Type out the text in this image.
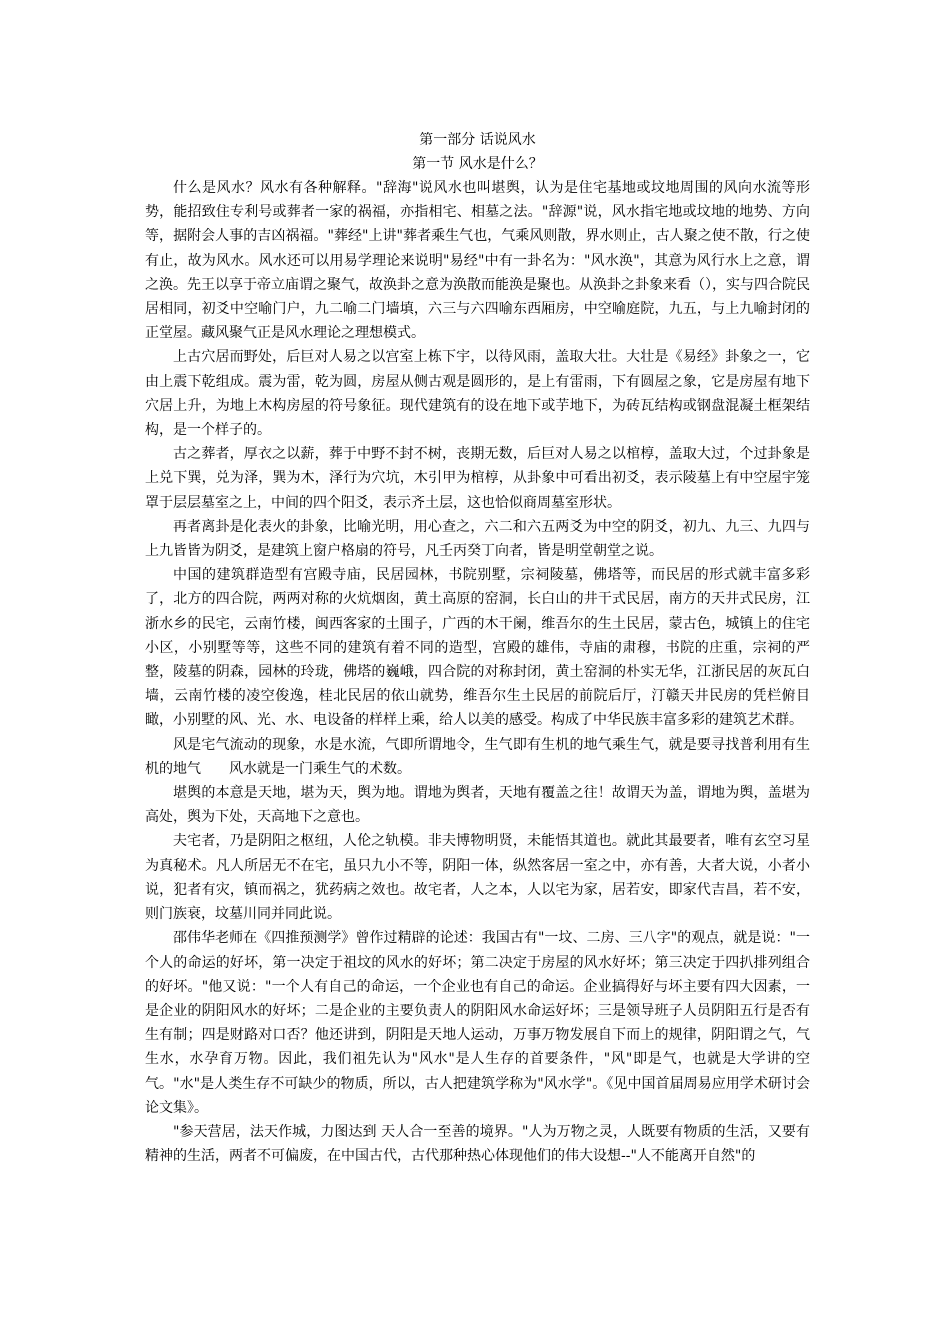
第一部分 话说风水
第一节 风水是什么？

什么是风水？风水有各种解释。"辞海"说风水也叫堪舆，认为是住宅基地或坟地周围的风向水流等形势，能招致住专利号或葬者一家的祸福，亦指相宅、相墓之法。"辞源"说，风水指宅地或坟地的地势、方向等，据附会人事的吉凶祸福。"葬经"上讲"葬者乘生气也，气乘风则散，界水则止，古人聚之使不散，行之使有止，故为风水。风水还可以用易学理论来说明"易经"中有一卦名为："风水涣"，其意为风行水上之意，谓之涣。先王以享于帝立庙谓之聚气，故涣卦之意为涣散而能涣是聚也。从涣卦之卦象来看（），实与四合院民居相同，初爻中空喻门户，九二喻二门墙填，六三与六四喻东西厢房，中空喻庭院，九五，与上九喻封闭的正堂屋。藏风聚气正是风水理论之理想模式。

上古穴居而野处，后巨对人易之以宫室上栋下宇，以待风雨，盖取大壮。大壮是《易经》卦象之一，它由上震下乾组成。震为雷，乾为圆，房屋从侧古观是圆形的，是上有雷雨，下有圆屋之象，它是房屋有地下穴居上升，为地上木构房屋的符号象征。现代建筑有的设在地下或芋地下，为砖瓦结构或钢盘混凝土框架结构，是一个样子的。

古之葬者，厚衣之以薪，葬于中野不封不树，丧期无数，后巨对人易之以棺椁，盖取大过，个过卦象是上兑下巽，兑为泽，巽为木，泽行为穴坑，木引甲为棺椁，从卦象中可看出初爻，表示陵墓上有中空屋宇笼罩于层层墓室之上，中间的四个阳爻，表示齐土层，这也恰似商周墓室形状。

再者离卦是化表火的卦象，比喻光明，用心查之，六二和六五两爻为中空的阴爻，初九、九三、九四与上九皆皆为阴爻，是建筑上窗户格扇的符号，凡壬丙癸丁向者，皆是明堂朝堂之说。

中国的建筑群造型有宫殿寺庙，民居园林，书院别墅，宗祠陵墓，佛塔等，而民居的形式就丰富多彩了，北方的四合院，两两对称的火炕烟囱，黄土高原的窑洞，长白山的井干式民居，南方的天井式民房，江浙水乡的民宅，云南竹楼，闽西客家的土围子，广西的木干阑，维吾尔的生土民居，蒙古色，城镇上的住宅小区，小别墅等等，这些不同的建筑有着不同的造型，宫殿的雄伟，寺庙的肃穆，书院的庄重，宗祠的严整，陵墓的阴森，园林的玲珑，佛塔的巍峨，四合院的对称封闭，黄土窑洞的朴实无华，江浙民居的灰瓦白墙，云南竹楼的凌空俊逸，桂北民居的依山就势，维吾尔生土民居的前院后厅，汀赣天井民房的凭栏俯目瞰，小别墅的风、光、水、电设备的样样上乘，给人以美的感受。构成了中华民族丰富多彩的建筑艺术群。

风是宅气流动的现象，水是水流，气即所谓地令，生气即有生机的地气乘生气，就是要寻找普利用有生机的地气　　风水就是一门乘生气的术数。

堪舆的本意是天地，堪为天，舆为地。谓地为舆者，天地有覆盖之往！故谓天为盖，谓地为舆，盖堪为高处，舆为下处，天高地下之意也。

夫宅者，乃是阴阳之枢纽，人伦之轨模。非夫博物明贤，未能悟其道也。就此其最要者，唯有玄空习星为真秘术。凡人所居无不在宅，虽只九小不等，阴阳一体，纵然客居一室之中，亦有善，大者大说，小者小说，犯者有灾，镇而祸之，犹药病之效也。故宅者，人之本，人以宅为家，居若安，即家代吉昌，若不安，则门族衰，坟墓川同并同此说。

邵伟华老师在《四推预测学》曾作过精辟的论述：我国古有"一坟、二房、三八字"的观点，就是说："一个人的命运的好坏，第一决定于祖坟的风水的好坏；第二决定于房屋的风水好坏；第三决定于四扒排列组合的好坏。"他又说："一个人有自己的命运，一个企业也有自己的命运。企业搞得好与坏主要有四大因素，一是企业的阴阳风水的好坏；二是企业的主要负责人的阴阳风水命运好坏；三是领导班子人员阴阳五行是否有生有制；四是财路对口否？他还讲到，阴阳是天地人运动，万事万物发展自下而上的规律，阴阳谓之气，气生水，水孕育万物。因此，我们祖先认为"风水"是人生存的首要条件，"风"即是气，也就是大学讲的空气。"水"是人类生存不可缺少的物质，所以，古人把建筑学称为"风水学"。《见中国首届周易应用学术研讨会论文集》。

"参天营居，法天作城，力图达到 天人合一至善的境界。"人为万物之灵，人既要有物质的生活，又要有精神的生活，两者不可偏废，在中国古代，古代那种热心体现他们的伟大设想--"人不能离开自然"的
